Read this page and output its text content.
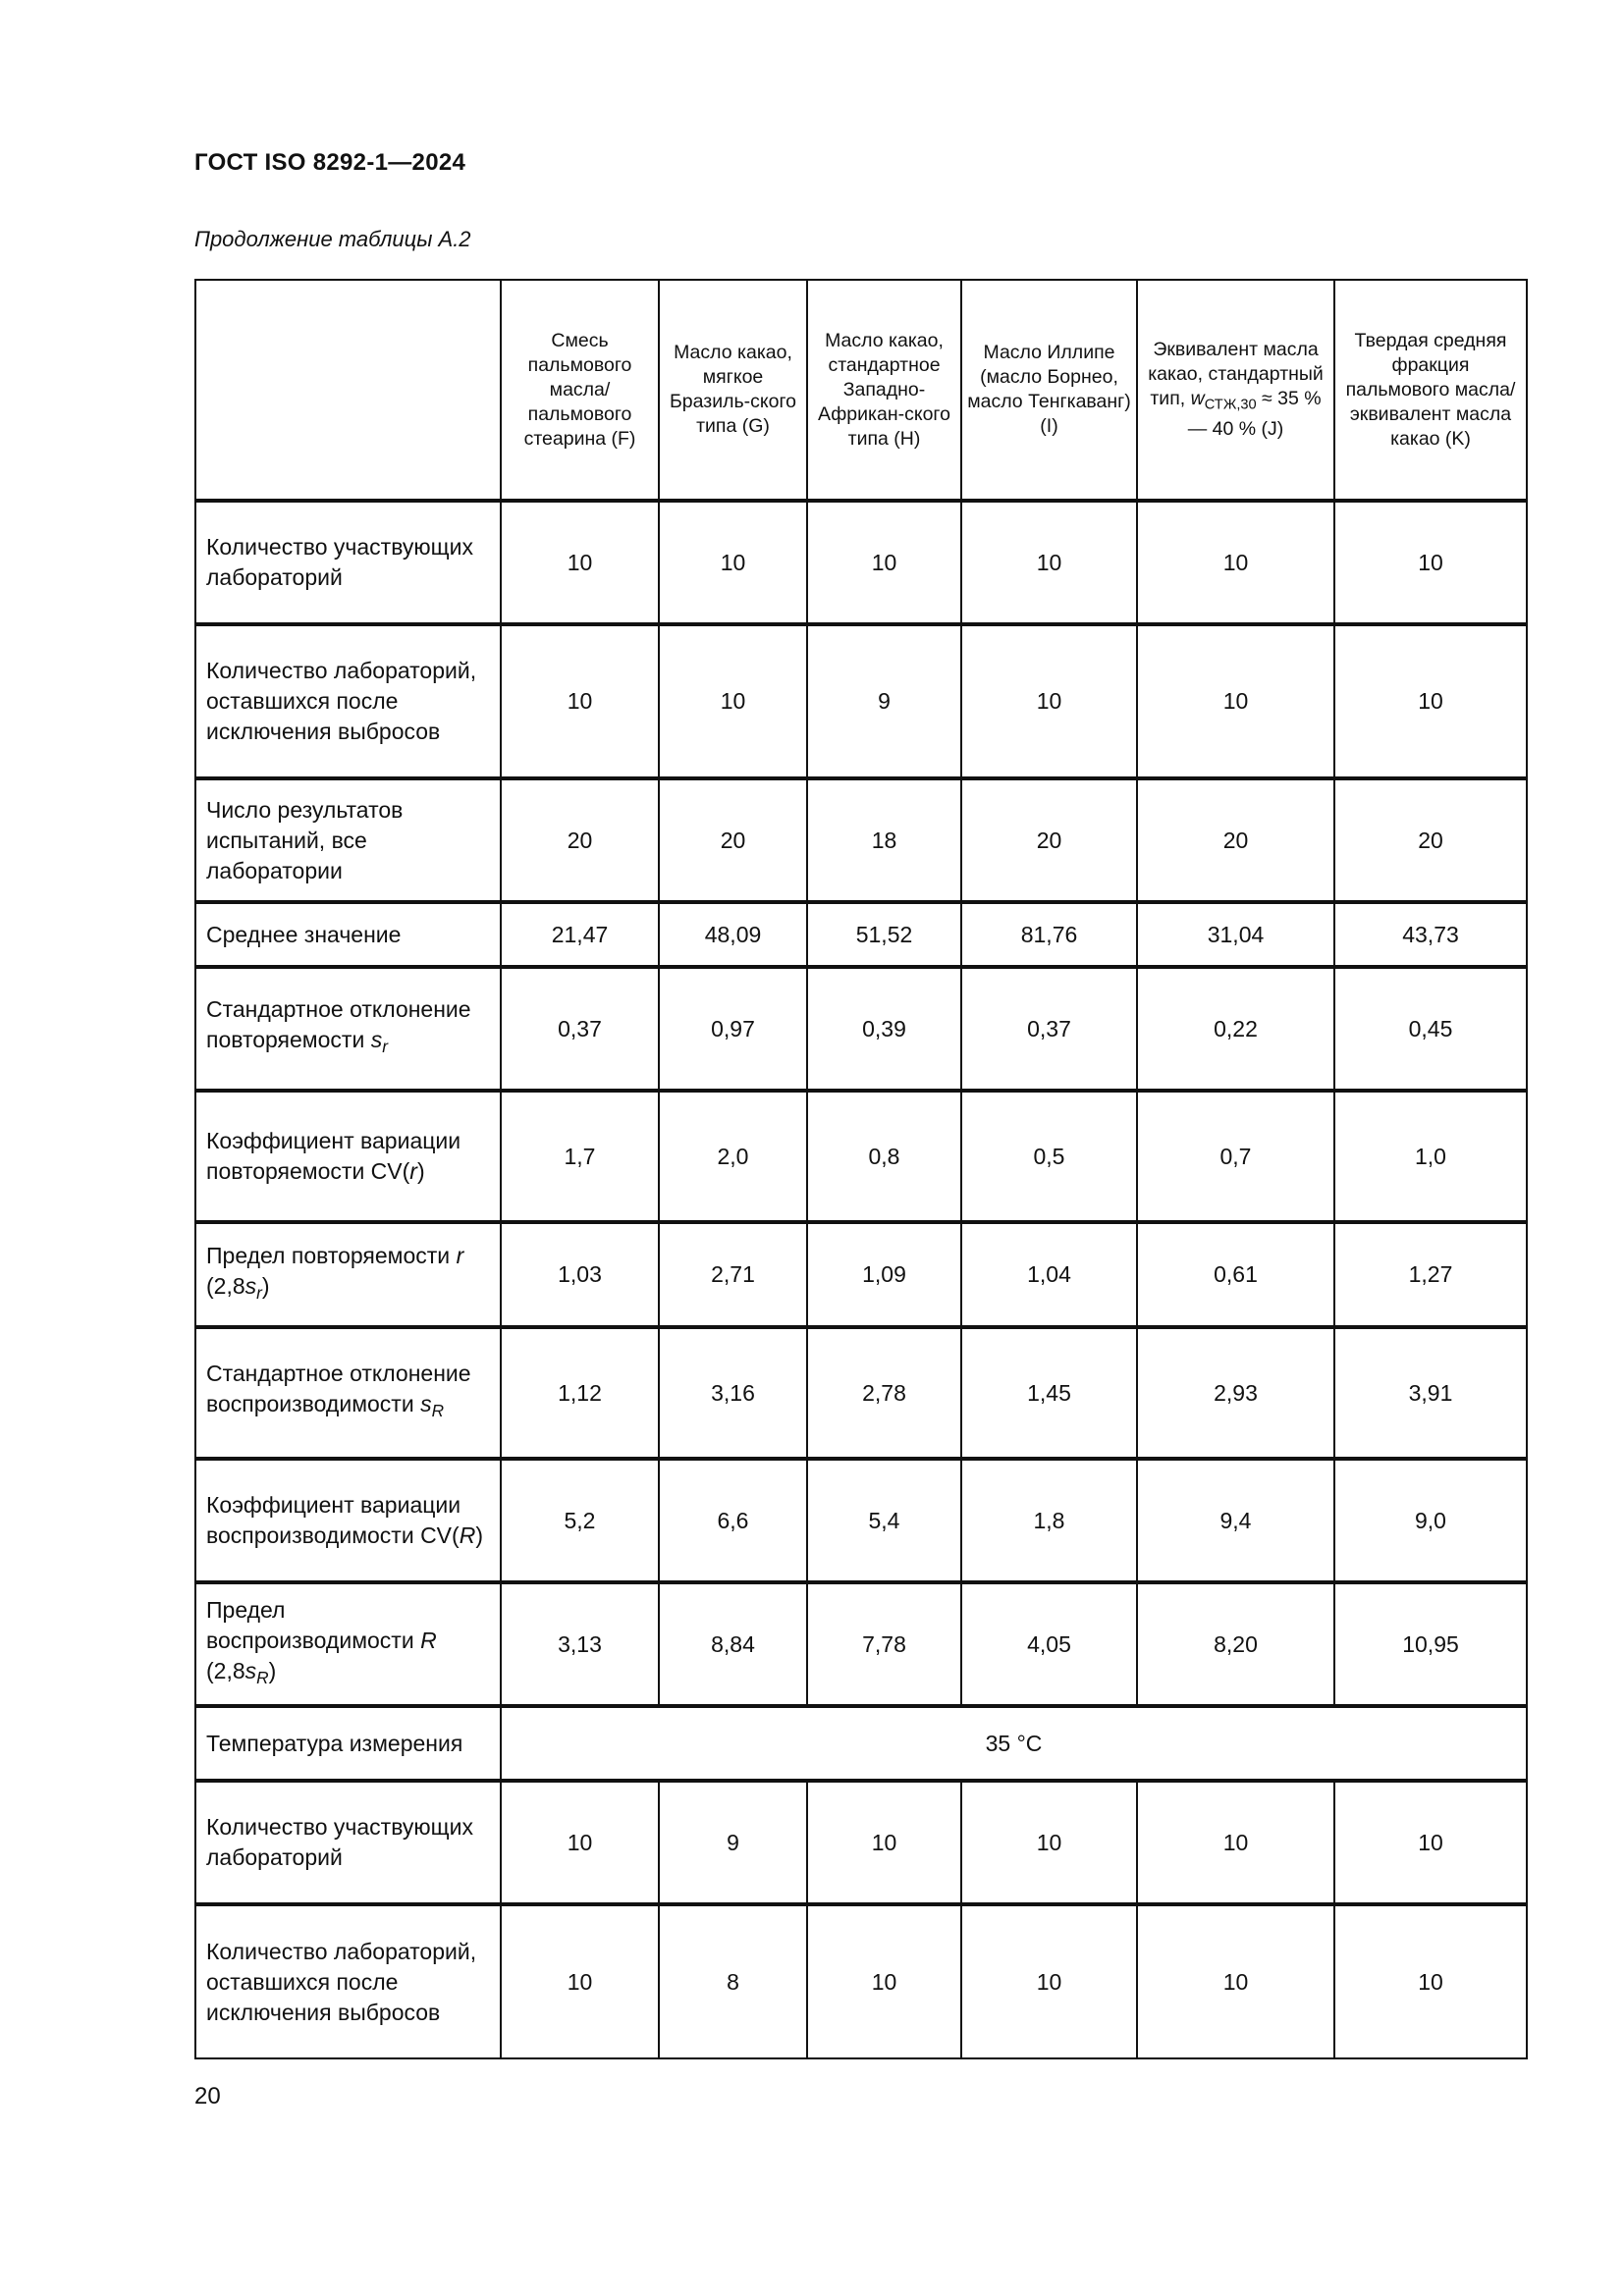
ГОСТ ISO 8292-1—2024
Продолжение таблицы А.2
	Смесь пальмового масла/ пальмового стеарина (F)	Масло какао, мягкое Бразиль-ского типа (G)	Масло какао, стандартное Западно-Африкан-ского типа (Н)	Масло Иллипе (масло Борнео, масло Тенгкаванг) (I)	Эквивалент масла какао, стандартный тип, $w_{СТЖ,30} \approx 35$ % — 40 % (J)	Твердая средняя фракция пальмового масла/ эквивалент масла какао (K)
Количество участвующих лабораторий	10	10	10	10	10	10
Количество лабораторий, оставшихся после исключения выбросов	10	10	9	10	10	10
Число результатов испытаний, все лаборатории	20	20	18	20	20	20
Среднее значение	21,47	48,09	51,52	81,76	31,04	43,73
Стандартное отклонение повторяемости $s_r$	0,37	0,97	0,39	0,37	0,22	0,45
Коэффициент вариации повторяемости CV(r)	1,7	2,0	0,8	0,5	0,7	1,0
Предел повторяемости r $(2,8s_r)$	1,03	2,71	1,09	1,04	0,61	1,27
Стандартное отклонение воспроизводимости $s_R$	1,12	3,16	2,78	1,45	2,93	3,91
Коэффициент вариации воспроизводимости CV(R)	5,2	6,6	5,4	1,8	9,4	9,0
Предел воспроизводимости R $(2,8s_R)$	3,13	8,84	7,78	4,05	8,20	10,95
Температура измерения	35 °С					
Количество участвующих лабораторий	10	9	10	10	10	10
Количество лабораторий, оставшихся после исключения выбросов	10	8	10	10	10	10
20
